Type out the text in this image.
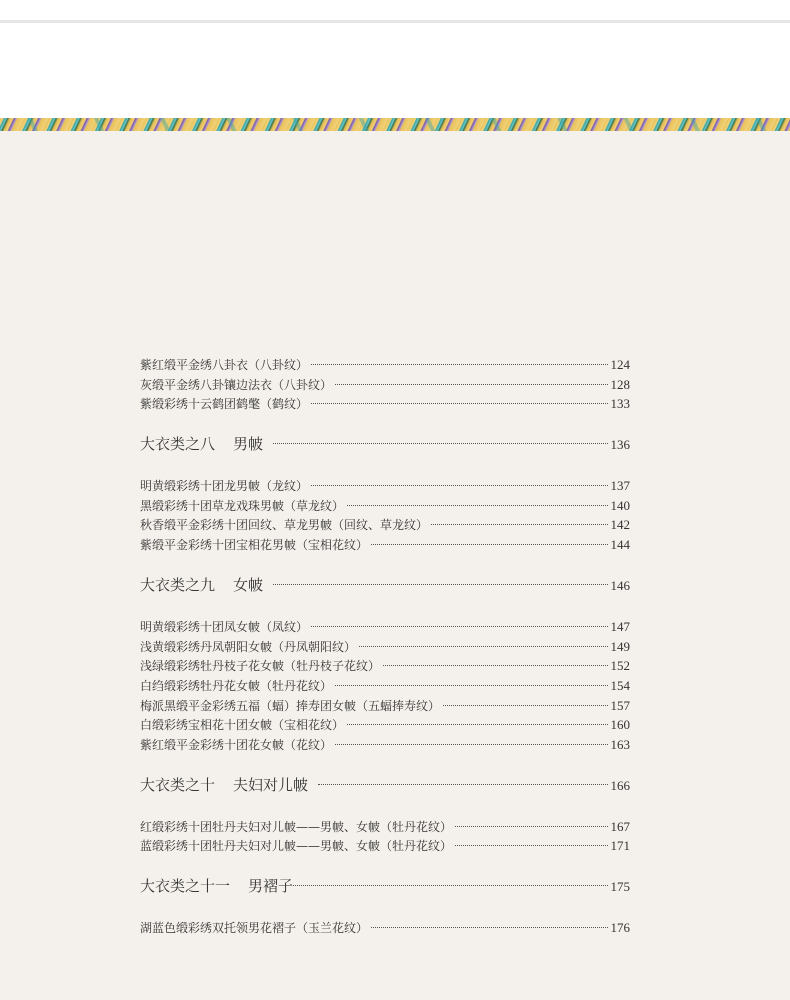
紫红缎平金绣八卦衣（八卦纹）	124
灰缎平金绣八卦镶边法衣（八卦纹）	128
紫缎彩绣十云鹤团鹤氅（鹤纹）	133
大衣类之八 男帔	136
明黄缎彩绣十团龙男帔（龙纹）	137
黑缎彩绣十团草龙戏珠男帔（草龙纹）	140
秋香缎平金彩绣十团回纹、草龙男帔（回纹、草龙纹）	142
紫缎平金彩绣十团宝相花男帔（宝相花纹）	144
大衣类之九 女帔	146
明黄缎彩绣十团凤女帔（凤纹）	147
浅黄缎彩绣丹凤朝阳女帔（丹凤朝阳纹）	149
浅绿缎彩绣牡丹枝子花女帔（牡丹枝子花纹）	152
白绉缎彩绣牡丹花女帔（牡丹花纹）	154
梅派黑缎平金彩绣五福（蝠）捧寿团女帔（五蝠捧寿纹）	157
白缎彩绣宝相花十团女帔（宝相花纹）	160
紫红缎平金彩绣十团花女帔（花纹）	163
大衣类之十 夫妇对儿帔	166
红缎彩绣十团牡丹夫妇对儿帔——男帔、女帔（牡丹花纹）	167
蓝缎彩绣十团牡丹夫妇对儿帔——男帔、女帔（牡丹花纹）	171
大衣类之十一 男褶子	175
湖蓝色缎彩绣双托领男花褶子（玉兰花纹）	176
